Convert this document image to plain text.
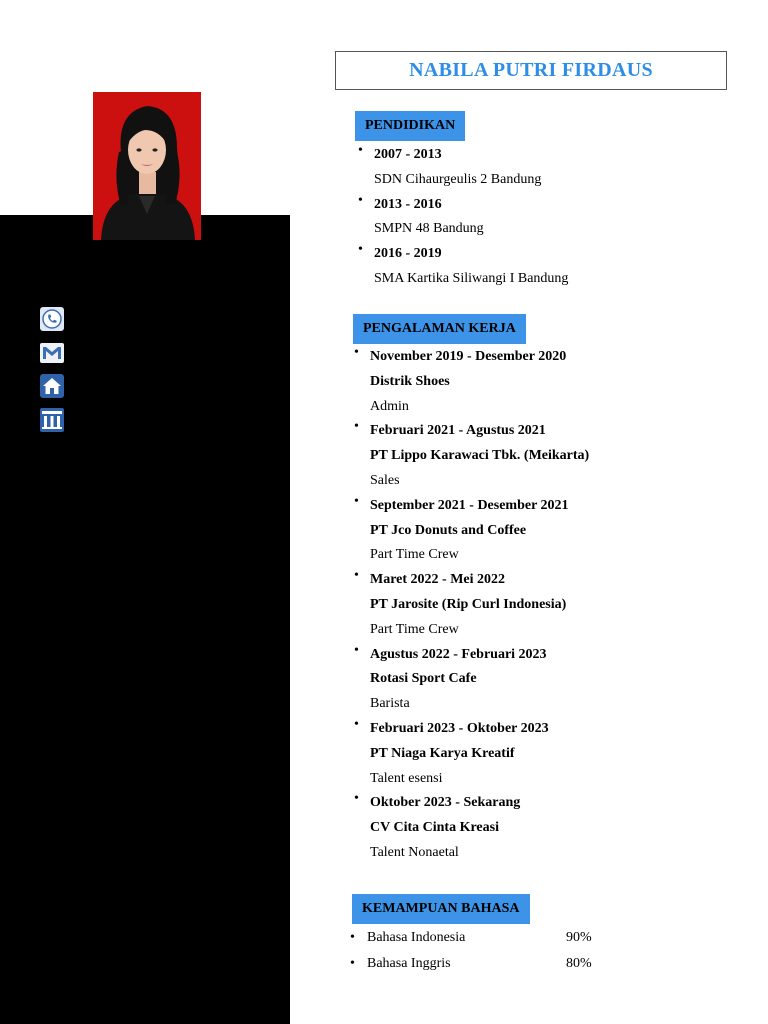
DATA PRIBADI
081910638352
nabilapfirdaus08@gmail.com
Jl. Cimenyan Endah Raya No. 48
Sumedang,8 Desember 2001
SOSIAL MEDIA
Instagram : @nabila.pf
Tiktok	: akunabola
KEPRIBADIAN
Komunikatif	90%
Pekerja Keras	90%
Teamwork	90%
Disiplin	90%
KEMAMPUAN SOFTWARE
MS. Word	80%
MS. Excel	70%
MS. Power Point	80%
NABILA PUTRI FIRDAUS
PENDIDIKAN
• 2007 - 2013
SDN Cihaurgeulis 2 Bandung
• 2013 - 2016
SMPN 48 Bandung
• 2016 - 2019
SMA Kartika Siliwangi I Bandung
PENGALAMAN KERJA
• November 2019 - Desember 2020
Distrik Shoes
Admin
• Februari 2021 - Agustus 2021
PT Lippo Karawaci Tbk. (Meikarta)
Sales
• September 2021 - Desember 2021
PT Jco Donuts and Coffee
Part Time Crew
• Maret 2022 - Mei 2022
PT Jarosite (Rip Curl Indonesia)
Part Time Crew
• Agustus 2022 - Februari 2023
Rotasi Sport Cafe
Barista
• Februari 2023 - Oktober 2023
PT Niaga Karya Kreatif
Talent esensi
• Oktober 2023 - Sekarang
CV Cita Cinta Kreasi
Talent Nonaetal
KEMAMPUAN BAHASA
• Bahasa Indonesia	90%
• Bahasa Inggris	80%
